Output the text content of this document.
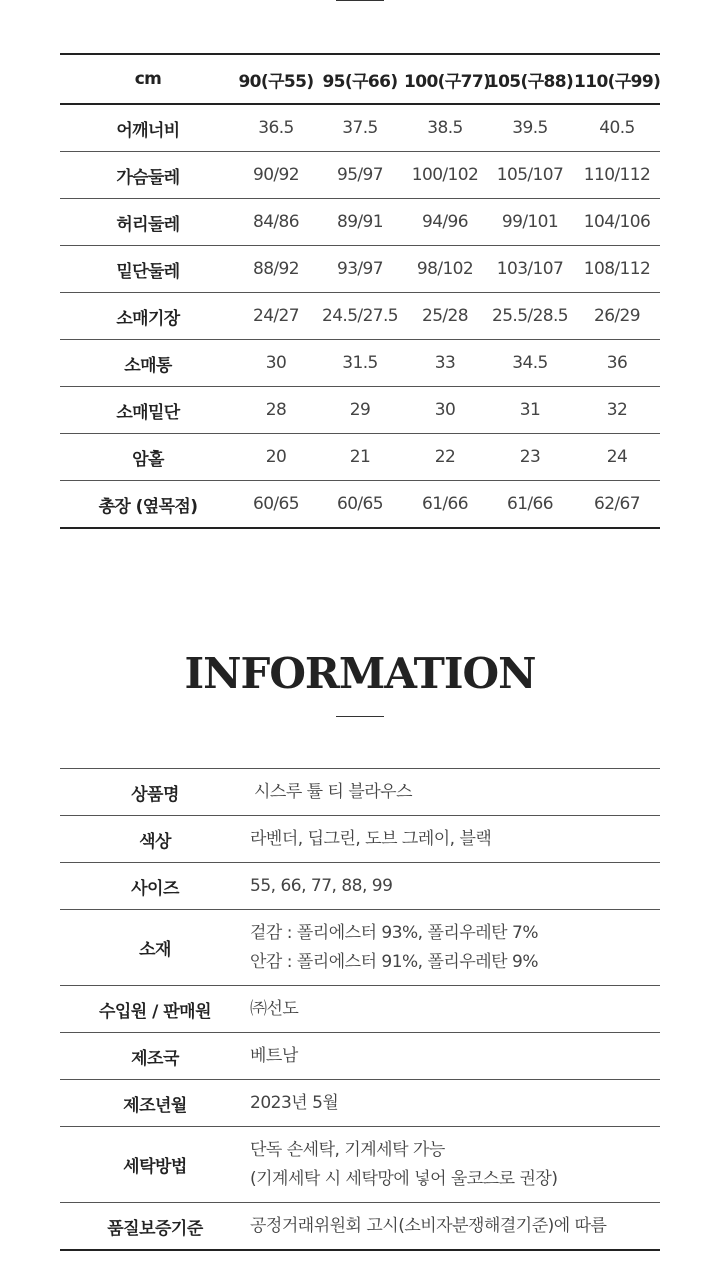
cm	90(구55)	95(구66)	100(구77)	105(구88)	110(구99)
어깨너비	36.5	37.5	38.5	39.5	40.5
가슴둘레	90/92	95/97	100/102	105/107	110/112
허리둘레	84/86	89/91	94/96	99/101	104/106
밑단둘레	88/92	93/97	98/102	103/107	108/112
소매기장	24/27	24.5/27.5	25/28	25.5/28.5	26/29
소매통	30	31.5	33	34.5	36
소매밑단	28	29	30	31	32
암홀	20	21	22	23	24
총장 (옆목점)	60/65	60/65	61/66	61/66	62/67
INFORMATION
상품명	시스루 튤 티 블라우스

색상	라벤더, 딥그린, 도브 그레이, 블랙

사이즈	55, 66, 77, 88, 99

소재	겉감 : 폴리에스터 93%, 폴리우레탄 7%
안감 : 폴리에스터 91%, 폴리우레탄 9%

수입원 / 판매원	㈜선도

제조국	베트남

제조년월	2023년 5월

세탁방법	단독 손세탁, 기계세탁 가능
(기계세탁 시 세탁망에 넣어 울코스로 권장)

품질보증기준	공정거래위원회 고시(소비자분쟁해결기준)에 따름
